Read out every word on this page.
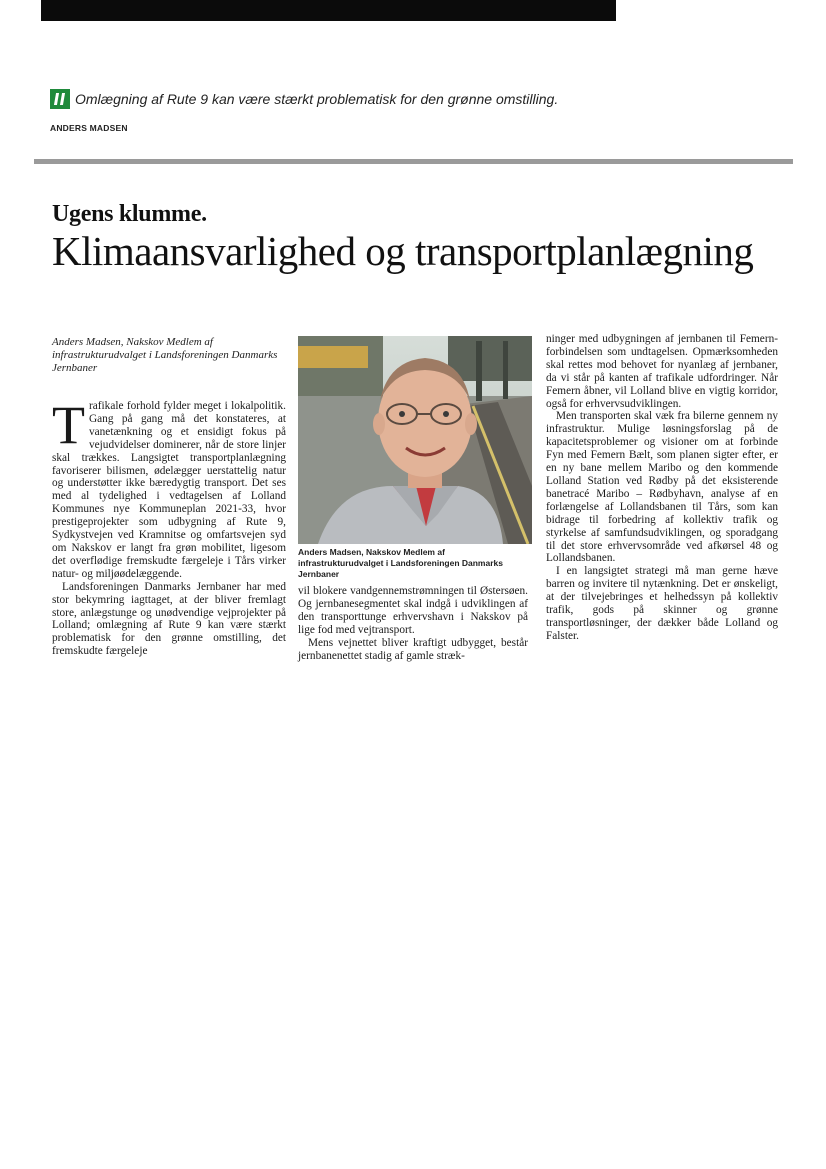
Omlægning af Rute 9 kan være stærkt problematisk for den grønne omstilling.
ANDERS MADSEN
Ugens klumme.
Klimaansvarlighed og transportplanlægning
Anders Madsen, Nakskov Medlem af infrastrukturudvalget i Landsforeningen Danmarks Jernbaner

Trafikale forhold fylder meget i lokalpolitik. Gang på gang må det konstateres, at vanetænkning og et ensidigt fokus på vejudvidelser dominerer, når de store linjer skal trækkes. Langsigtet transportplanlægning favoriserer bilismen, ødelægger uerstattelig natur og understøtter ikke bæredygtig transport. Det ses med al tydelighed i vedtagelsen af Lolland Kommunes nye Kommuneplan 2021-33, hvor prestigeprojekter som udbygning af Rute 9, Sydkystvejen ved Kramnitse og omfartsvejen syd om Nakskov er langt fra grøn mobilitet, ligesom det overflødige fremskudte færgeleje i Tårs virker natur- og miljøødelæggende.

Landsforeningen Danmarks Jernbaner har med stor bekymring iagttaget, at der bliver fremlagt store, anlægstunge og unødvendige vejprojekter på Lolland; omlægning af Rute 9 kan være stærkt problematisk for den grønne omstilling, det fremskudte færgeleje

Anders Madsen, Nakskov Medlem af infrastrukturudvalget i Landsforeningen Danmarks Jernbaner

vil blokere vandgennemstrømningen til Østersøen. Og jernbanesegmentet skal indgå i udviklingen af den transporttunge erhvervshavn i Nakskov på lige fod med vejtransport.

Mens vejnettet bliver kraftigt udbygget, består jernbanenettet stadig af gamle stræk-

ninger med udbygningen af jernbanen til Femern-forbindelsen som undtagelsen. Opmærksomheden skal rettes mod behovet for nyanlæg af jernbaner, da vi står på kanten af trafikale udfordringer. Når Femern åbner, vil Lolland blive en vigtig korridor, også for erhvervsudviklingen.

Men transporten skal væk fra bilerne gennem ny infrastruktur. Mulige løsningsforslag på de kapacitetsproblemer og visioner om at forbinde Fyn med Femern Bælt, som planen sigter efter, er en ny bane mellem Maribo og den kommende Lolland Station ved Rødby på det eksisterende banetracé Maribo – Rødbyhavn, analyse af en forlængelse af Lollandsbanen til Tårs, som kan bidrage til forbedring af kollektiv trafik og styrkelse af samfundsudviklingen, og sporadgang til det store erhvervsområde ved afkørsel 48 og Lollandsbanen.

I en langsigtet strategi må man gerne hæve barren og invitere til nytænkning. Det er ønskeligt, at der tilvejebringes et helhedssyn på kollektiv trafik, gods på skinner og grønne transportløsninger, der dækker både Lolland og Falster.
